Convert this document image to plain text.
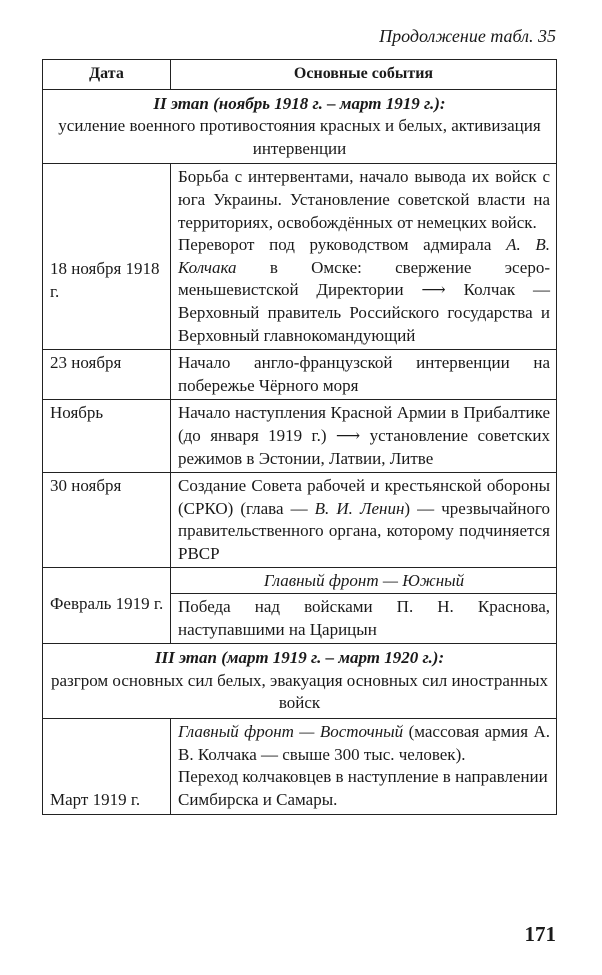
Продолжение табл. 35
Дата	Основные события
II этап (ноябрь 1918 г. – март 1919 г.):
усиление военного противостояния красных и белых, активизация интервенции	

18 ноября 1918 г.	Борьба с интервентами, начало вывода их войск с юга Украины. Установление советской власти на территориях, освобождённых от немецких войск.

Переворот под руководством адмирала А. В. Колчака в Омске: свержение эсеро-меньшевистской Директории ⟶ Колчак — Верховный правитель Российского государства и Верховный главнокомандующий

23 ноября	Начало англо-французской интервенции на побережье Чёрного моря
Ноябрь	Начало наступления Красной Армии в Прибалтике (до января 1919 г.) ⟶ установление советских режимов в Эстонии, Латвии, Литве
30 ноября	Создание Совета рабочей и крестьянской обороны (СРКО) (глава — В. И. Ленин) — чрезвычайного правительственного органа, которому подчиняется РВСР

Февраль 1919 г.	Главный фронт — Южный
Победа над войсками П. Н. Краснова, наступавшими на Царицын

III этап (март 1919 г. – март 1920 г.):
разгром основных сил белых, эвакуация основных сил иностранных войск	

Март 1919 г.	Главный фронт — Восточный (массовая армия А. В. Колчака — свыше 300 тыс. человек).

Переход колчаковцев в наступление в направлении Симбирска и Самары.

171
